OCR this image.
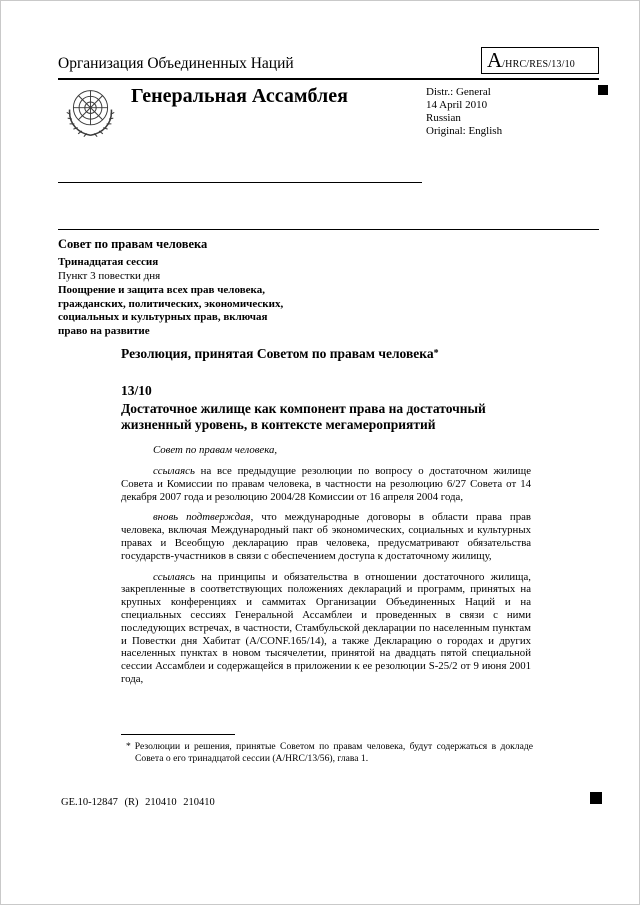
Организация Объединенных Наций	A/HRC/RES/13/10
Генеральная Ассамблея	Distr.: General
14 April 2010
Russian
Original: English

Совет по правам человека

Тринадцатая сессия

Пункт 3 повестки дня

Поощрение и защита всех прав человека, гражданских, политических, экономических, социальных и культурных прав, включая право на развитие

Резолюция, принятая Советом по правам человека*
13/10
Достаточное жилище как компонент права на достаточный жизненный уровень, в контексте мегамероприятий

Совет по правам человека,

ссылаясь на все предыдущие резолюции по вопросу о достаточном жилище Совета и Комиссии по правам человека, в частности на резолюцию 6/27 Совета от 14 декабря 2007 года и резолюцию 2004/28 Комиссии от 16 апреля 2004 года,

вновь подтверждая, что международные договоры в области права прав человека, включая Международный пакт об экономических, социальных и культурных правах и Всеобщую декларацию прав человека, предусматривают обязательства государств-участников в связи с обеспечением доступа к достаточному жилищу,

ссылаясь на принципы и обязательства в отношении достаточного жилища, закрепленные в соответствующих положениях деклараций и программ, принятых на крупных конференциях и саммитах Организации Объединенных Наций и на специальных сессиях Генеральной Ассамблеи и проведенных в связи с ними последующих встречах, в частности, Стамбульской декларации по населенным пунктам и Повестки дня Хабитат (A/CONF.165/14), а также Декларацию о городах и других населенных пунктах в новом тысячелетии, принятой на двадцать пятой специальной сессии Ассамблеи и содержащейся в приложении к ее резолюции S-25/2 от 9 июня 2001 года,

* Резолюции и решения, принятые Советом по правам человека, будут содержаться в докладе Совета о его тринадцатой сессии (A/HRC/13/56), глава 1.

GE.10-12847 (R) 210410 210410
